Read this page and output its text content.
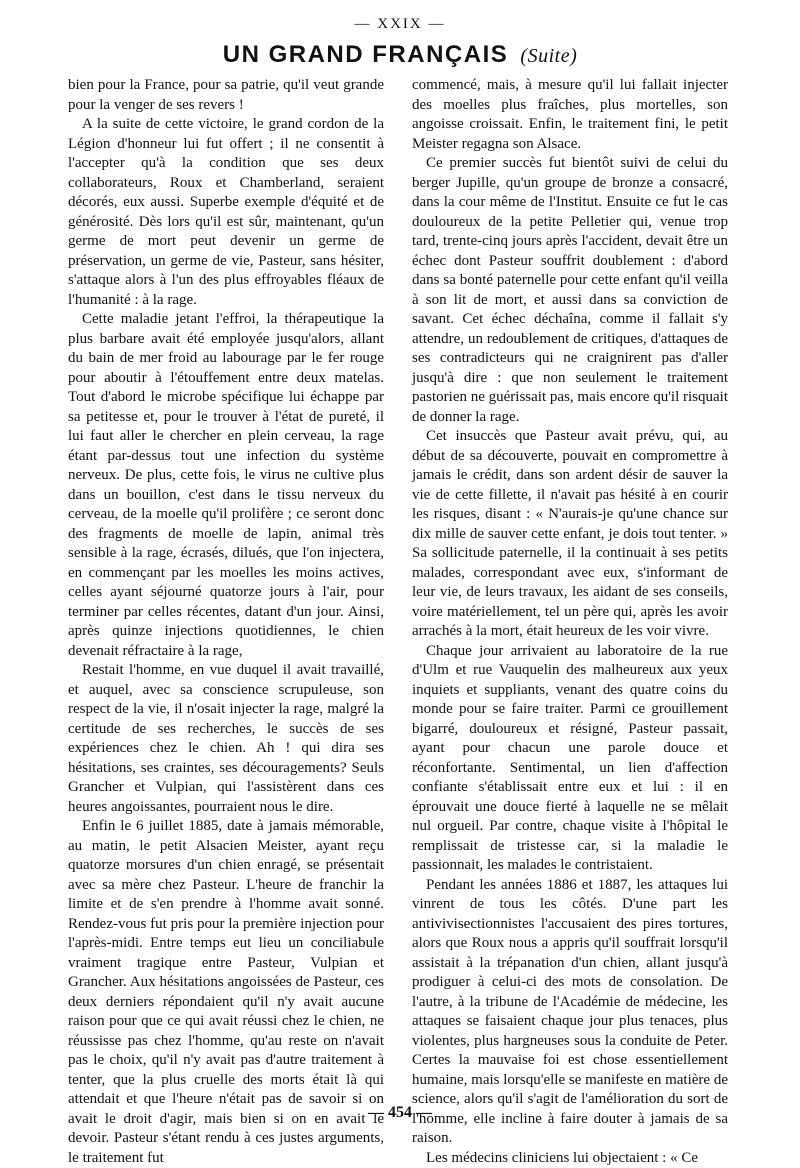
— XXIX —
UN GRAND FRANÇAIS (Suite)

bien pour la France, pour sa patrie, qu'il veut grande pour la venger de ses revers !

A la suite de cette victoire, le grand cordon de la Légion d'honneur lui fut offert ; il ne consentit à l'accepter qu'à la condition que ses deux collaborateurs, Roux et Chamberland, seraient décorés, eux aussi. Superbe exemple d'équité et de générosité. Dès lors qu'il est sûr, maintenant, qu'un germe de mort peut devenir un germe de préservation, un germe de vie, Pasteur, sans hésiter, s'attaque alors à l'un des plus effroyables fléaux de l'humanité : à la rage.

Cette maladie jetant l'effroi, la thérapeutique la plus barbare avait été employée jusqu'alors, allant du bain de mer froid au labourage par le fer rouge pour aboutir à l'étouffement entre deux matelas. Tout d'abord le microbe spécifique lui échappe par sa petitesse et, pour le trouver à l'état de pureté, il lui faut aller le chercher en plein cerveau, la rage étant par-dessus tout une infection du système nerveux. De plus, cette fois, le virus ne cultive plus dans un bouillon, c'est dans le tissu nerveux du cerveau, de la moelle qu'il prolifère ; ce seront donc des fragments de moelle de lapin, animal très sensible à la rage, écrasés, dilués, que l'on injectera, en commençant par les moelles les moins actives, celles ayant séjourné quatorze jours à l'air, pour terminer par celles récentes, datant d'un jour. Ainsi, après quinze injections quotidiennes, le chien devenait réfractaire à la rage,

Restait l'homme, en vue duquel il avait travaillé, et auquel, avec sa conscience scrupuleuse, son respect de la vie, il n'osait injecter la rage, malgré la certitude de ses recherches, le succès de ses expériences chez le chien. Ah ! qui dira ses hésitations, ses craintes, ses découragements? Seuls Grancher et Vulpian, qui l'assistèrent dans ces heures angoissantes, pourraient nous le dire.

Enfin le 6 juillet 1885, date à jamais mémorable, au matin, le petit Alsacien Meister, ayant reçu quatorze morsures d'un chien enragé, se présentait avec sa mère chez Pasteur. L'heure de franchir la limite et de s'en prendre à l'homme avait sonné. Rendez-vous fut pris pour la première injection pour l'après-midi. Entre temps eut lieu un conciliabule vraiment tragique entre Pasteur, Vulpian et Grancher. Aux hésitations angoissées de Pasteur, ces deux derniers répondaient qu'il n'y avait aucune raison pour que ce qui avait réussi chez le chien, ne réussisse pas chez l'homme, qu'au reste on n'avait pas le choix, qu'il n'y avait pas d'autre traitement à tenter, que la plus cruelle des morts était là qui attendait et que l'heure n'était pas de savoir si on avait le droit d'agir, mais bien si on en avait le devoir. Pasteur s'étant rendu à ces justes arguments, le traitement fut

commencé, mais, à mesure qu'il lui fallait injecter des moelles plus fraîches, plus mortelles, son angoisse croissait. Enfin, le traitement fini, le petit Meister regagna son Alsace.

Ce premier succès fut bientôt suivi de celui du berger Jupille, qu'un groupe de bronze a consacré, dans la cour même de l'Institut. Ensuite ce fut le cas douloureux de la petite Pelletier qui, venue trop tard, trente-cinq jours après l'accident, devait être un échec dont Pasteur souffrit doublement : d'abord dans sa bonté paternelle pour cette enfant qu'il veilla à son lit de mort, et aussi dans sa conviction de savant. Cet échec déchaîna, comme il fallait s'y attendre, un redoublement de critiques, d'attaques de ses contradicteurs qui ne craignirent pas d'aller jusqu'à dire : que non seulement le traitement pastorien ne guérissait pas, mais encore qu'il risquait de donner la rage.

Cet insuccès que Pasteur avait prévu, qui, au début de sa découverte, pouvait en compromettre à jamais le crédit, dans son ardent désir de sauver la vie de cette fillette, il n'avait pas hésité à en courir les risques, disant : « N'aurais-je qu'une chance sur dix mille de sauver cette enfant, je dois tout tenter. » Sa sollicitude paternelle, il la continuait à ses petits malades, correspondant avec eux, s'informant de leur vie, de leurs travaux, les aidant de ses conseils, voire matériellement, tel un père qui, après les avoir arrachés à la mort, était heureux de les voir vivre.

Chaque jour arrivaient au laboratoire de la rue d'Ulm et rue Vauquelin des malheureux aux yeux inquiets et suppliants, venant des quatre coins du monde pour se faire traiter. Parmi ce grouillement bigarré, douloureux et résigné, Pasteur passait, ayant pour chacun une parole douce et réconfortante. Sentimental, un lien d'affection confiante s'établissait entre eux et lui : il en éprouvait une douce fierté à laquelle ne se mêlait nul orgueil. Par contre, chaque visite à l'hôpital le remplissait de tristesse car, si la maladie le passionnait, les malades le contristaient.

Pendant les années 1886 et 1887, les attaques lui vinrent de tous les côtés. D'une part les antivivisectionnistes l'accusaient des pires tortures, alors que Roux nous a appris qu'il souffrait lorsqu'il assistait à la trépanation d'un chien, allant jusqu'à prodiguer à celui-ci des mots de consolation. De l'autre, à la tribune de l'Académie de médecine, les attaques se faisaient chaque jour plus tenaces, plus violentes, plus hargneuses sous la conduite de Peter. Certes la mauvaise foi est chose essentiellement humaine, mais lorsqu'elle se manifeste en matière de science, alors qu'il s'agit de l'amélioration du sort de l'homme, elle incline à faire douter à jamais de sa raison.

Les médecins cliniciens lui objectaient : « Ce

— 454 —
